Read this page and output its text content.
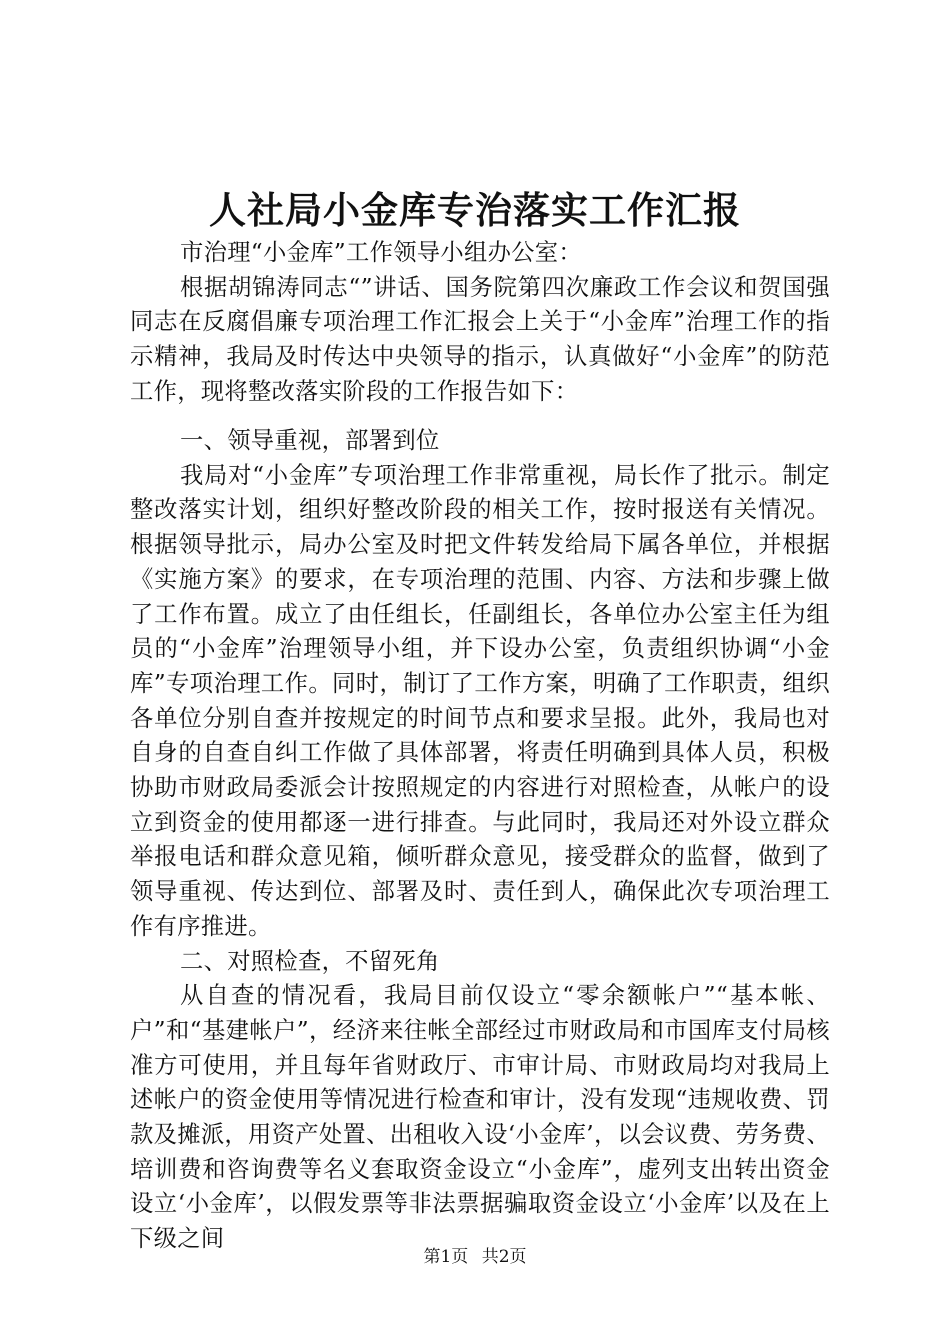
人社局小金库专治落实工作汇报

市治理“小金库”工作领导小组办公室：

根据胡锦涛同志“”讲话、国务院第四次廉政工作会议和贺国强同志在反腐倡廉专项治理工作汇报会上关于“小金库”治理工作的指示精神，我局及时传达中央领导的指示，认真做好“小金库”的防范工作，现将整改落实阶段的工作报告如下：

一、领导重视，部署到位

我局对“小金库”专项治理工作非常重视，局长作了批示。制定整改落实计划，组织好整改阶段的相关工作，按时报送有关情况。根据领导批示，局办公室及时把文件转发给局下属各单位，并根据《实施方案》的要求，在专项治理的范围、内容、方法和步骤上做了工作布置。成立了由任组长，任副组长，各单位办公室主任为组员的“小金库”治理领导小组，并下设办公室，负责组织协调“小金库”专项治理工作。同时，制订了工作方案，明确了工作职责，组织各单位分别自查并按规定的时间节点和要求呈报。此外，我局也对自身的自查自纠工作做了具体部署，将责任明确到具体人员，积极协助市财政局委派会计按照规定的内容进行对照检查，从帐户的设立到资金的使用都逐一进行排查。与此同时，我局还对外设立群众举报电话和群众意见箱，倾听群众意见，接受群众的监督，做到了领导重视、传达到位、部署及时、责任到人，确保此次专项治理工作有序推进。

二、对照检查，不留死角

从自查的情况看，我局目前仅设立“零余额帐户”“基本帐、户”和“基建帐户”，经济来往帐全部经过市财政局和市国库支付局核准方可使用，并且每年省财政厅、市审计局、市财政局均对我局上述帐户的资金使用等情况进行检查和审计，没有发现“违规收费、罚款及摊派，用资产处置、出租收入设‘小金库’，以会议费、劳务费、培训费和咨询费等名义套取资金设立“小金库”，虚列支出转出资金设立‘小金库’，以假发票等非法票据骗取资金设立‘小金库’以及在上下级之间

第1页 共2页
